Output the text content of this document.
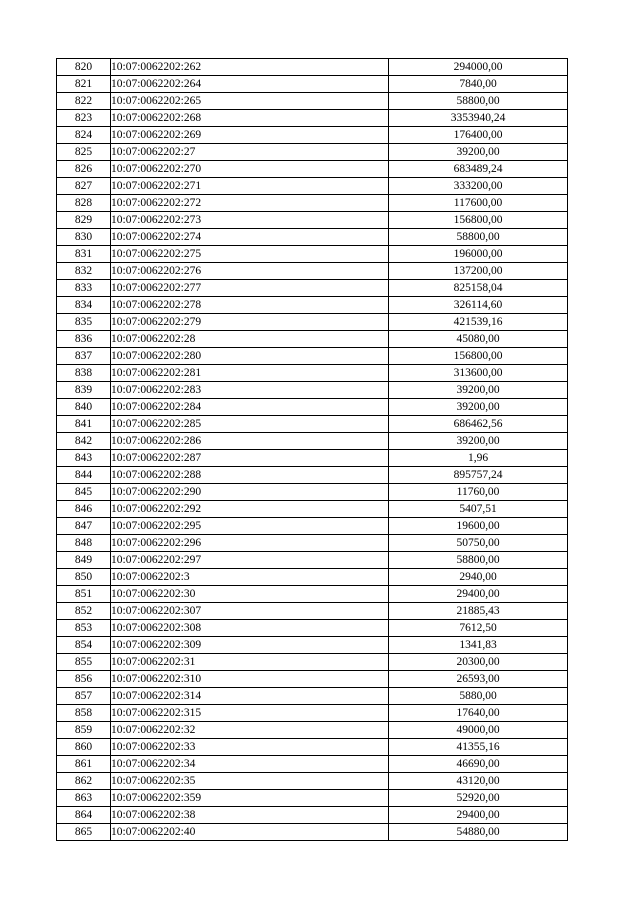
820	10:07:0062202:262	294000,00
821	10:07:0062202:264	7840,00
822	10:07:0062202:265	58800,00
823	10:07:0062202:268	3353940,24
824	10:07:0062202:269	176400,00
825	10:07:0062202:27	39200,00
826	10:07:0062202:270	683489,24
827	10:07:0062202:271	333200,00
828	10:07:0062202:272	117600,00
829	10:07:0062202:273	156800,00
830	10:07:0062202:274	58800,00
831	10:07:0062202:275	196000,00
832	10:07:0062202:276	137200,00
833	10:07:0062202:277	825158,04
834	10:07:0062202:278	326114,60
835	10:07:0062202:279	421539,16
836	10:07:0062202:28	45080,00
837	10:07:0062202:280	156800,00
838	10:07:0062202:281	313600,00
839	10:07:0062202:283	39200,00
840	10:07:0062202:284	39200,00
841	10:07:0062202:285	686462,56
842	10:07:0062202:286	39200,00
843	10:07:0062202:287	1,96
844	10:07:0062202:288	895757,24
845	10:07:0062202:290	11760,00
846	10:07:0062202:292	5407,51
847	10:07:0062202:295	19600,00
848	10:07:0062202:296	50750,00
849	10:07:0062202:297	58800,00
850	10:07:0062202:3	2940,00
851	10:07:0062202:30	29400,00
852	10:07:0062202:307	21885,43
853	10:07:0062202:308	7612,50
854	10:07:0062202:309	1341,83
855	10:07:0062202:31	20300,00
856	10:07:0062202:310	26593,00
857	10:07:0062202:314	5880,00
858	10:07:0062202:315	17640,00
859	10:07:0062202:32	49000,00
860	10:07:0062202:33	41355,16
861	10:07:0062202:34	46690,00
862	10:07:0062202:35	43120,00
863	10:07:0062202:359	52920,00
864	10:07:0062202:38	29400,00
865	10:07:0062202:40	54880,00
